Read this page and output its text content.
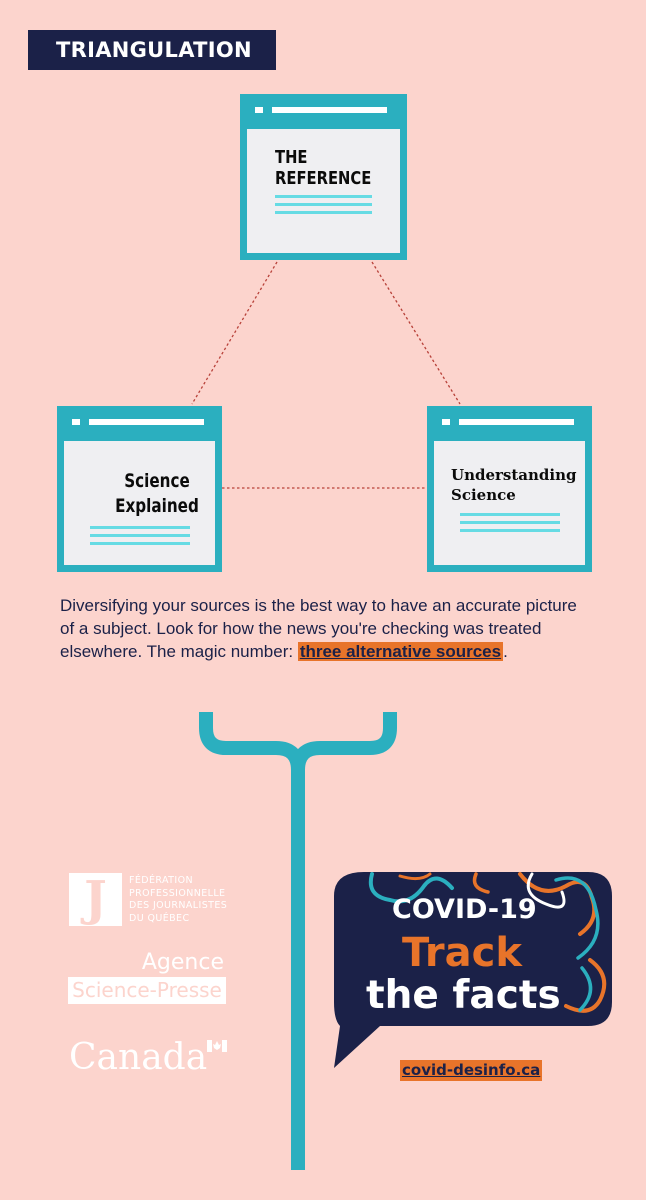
TRIANGULATION
THE
REFERENCE
Science
Explained
Understanding
Science
Diversifying your sources is the best way to have an accurate picture of a subject. Look for how the news you're checking was treated elsewhere. The magic number: three alternative sources .
J	FÉDÉRATION
PROFESSIONNELLE
DES JOURNALISTES
DU QUÉBEC
Agence
Science-Presse
Canada
COVID-19
Track
the facts
covid-desinfo.ca
